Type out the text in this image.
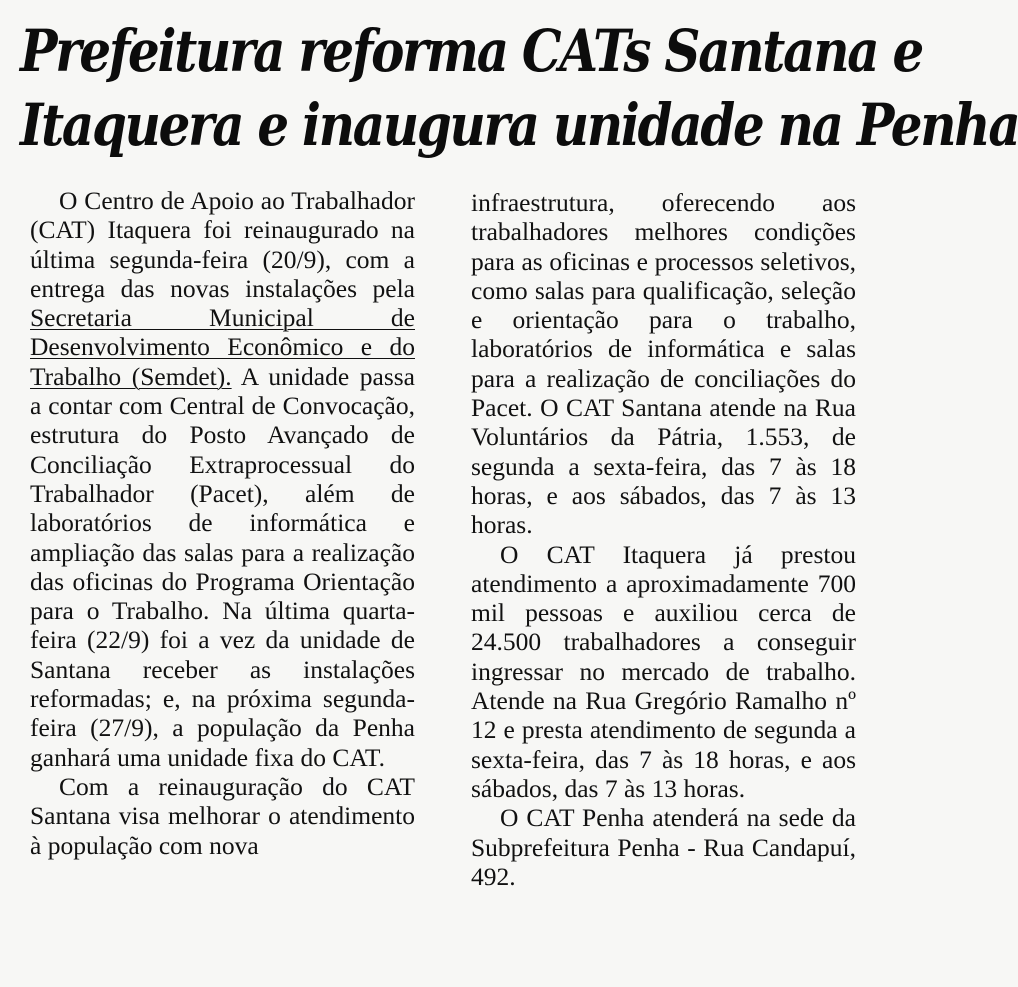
Prefeitura reforma CATs Santana e
Itaquera e inaugura unidade na Penha

O Centro de Apoio ao Trabalhador (CAT) Itaquera foi reinaugurado na última segunda-feira (20/9), com a entrega das novas instalações pela Secretaria Municipal de Desenvolvimento Econômico e do Trabalho (Semdet). A unidade passa a contar com Central de Convocação, estrutura do Posto Avançado de Conciliação Extraprocessual do Trabalhador (Pacet), além de laboratórios de informática e ampliação das salas para a realização das oficinas do Programa Orientação para o Trabalho. Na última quarta-feira (22/9) foi a vez da unidade de Santana receber as instalações reformadas; e, na próxima segunda-feira (27/9), a população da Penha ganhará uma unidade fixa do CAT.

Com a reinauguração do CAT Santana visa melhorar o atendimento à população com nova

infraestrutura, oferecendo aos trabalhadores melhores condições para as oficinas e processos seletivos, como salas para qualificação, seleção e orientação para o trabalho, laboratórios de informática e salas para a realização de conciliações do Pacet. O CAT Santana atende na Rua Voluntários da Pátria, 1.553, de segunda a sexta-feira, das 7 às 18 horas, e aos sábados, das 7 às 13 horas.

O CAT Itaquera já prestou atendimento a aproximadamente 700 mil pessoas e auxiliou cerca de 24.500 trabalhadores a conseguir ingressar no mercado de trabalho. Atende na Rua Gregório Ramalho nº 12 e presta atendimento de segunda a sexta-feira, das 7 às 18 horas, e aos sábados, das 7 às 13 horas.

O CAT Penha atenderá na sede da Subprefeitura Penha - Rua Candapuí, 492.
